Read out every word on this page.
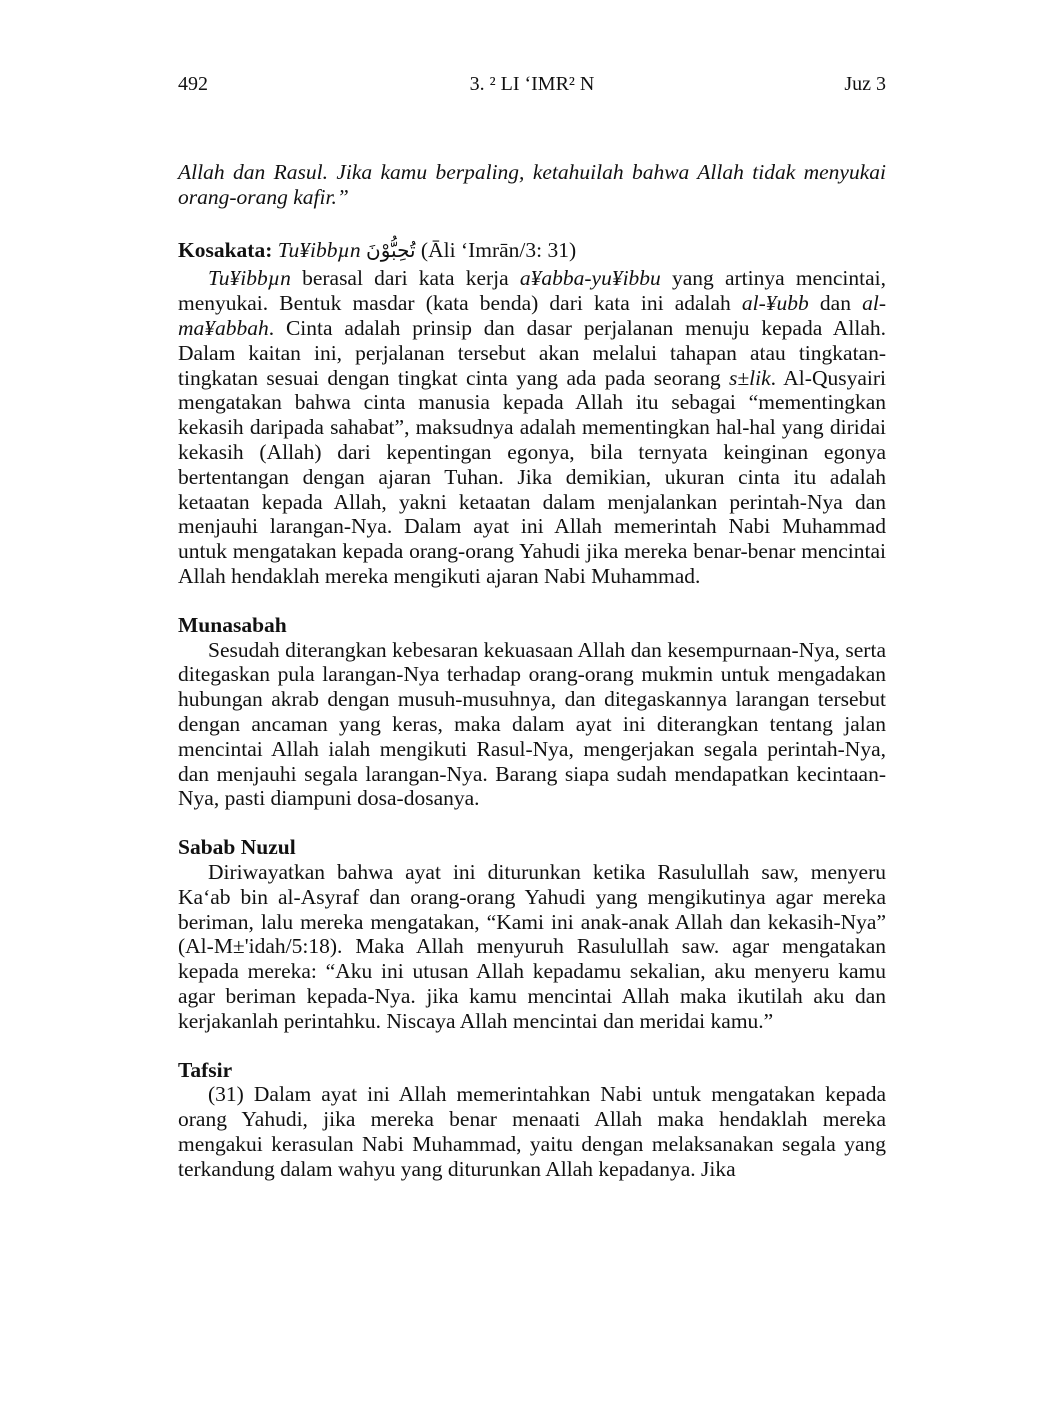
492	3. ² LI ‘IMR² N	Juz 3

Allah dan Rasul. Jika kamu berpaling, ketahuilah bahwa Allah tidak menyukai orang-orang kafir.”

Kosakata: Tu¥ibbµn تُحِبُّوْنَ (Āli ‘Imrān/3: 31)

Tu¥ibbµn berasal dari kata kerja a¥abba-yu¥ibbu yang artinya mencintai, menyukai. Bentuk masdar (kata benda) dari kata ini adalah al-¥ubb dan al-ma¥abbah. Cinta adalah prinsip dan dasar perjalanan menuju kepada Allah. Dalam kaitan ini, perjalanan tersebut akan melalui tahapan atau tingkatan-tingkatan sesuai dengan tingkat cinta yang ada pada seorang s±lik. Al-Qusyairi mengatakan bahwa cinta manusia kepada Allah itu sebagai “mementingkan kekasih daripada sahabat”, maksudnya adalah mementingkan hal-hal yang diridai kekasih (Allah) dari kepentingan egonya, bila ternyata keinginan egonya bertentangan dengan ajaran Tuhan. Jika demikian, ukuran cinta itu adalah ketaatan kepada Allah, yakni ketaatan dalam menjalankan perintah-Nya dan menjauhi larangan-Nya. Dalam ayat ini Allah memerintah Nabi Muhammad untuk mengatakan kepada orang-orang Yahudi jika mereka benar-benar mencintai Allah hendaklah mereka mengikuti ajaran Nabi Muhammad.

Munasabah

Sesudah diterangkan kebesaran kekuasaan Allah dan kesempurnaan-Nya, serta ditegaskan pula larangan-Nya terhadap orang-orang mukmin untuk mengadakan hubungan akrab dengan musuh-musuhnya, dan ditegaskannya larangan tersebut dengan ancaman yang keras, maka dalam ayat ini diterangkan tentang jalan mencintai Allah ialah mengikuti Rasul-Nya, mengerjakan segala perintah-Nya, dan menjauhi segala larangan-Nya. Barang siapa sudah mendapatkan kecintaan-Nya, pasti diampuni dosa-dosanya.

Sabab Nuzul

Diriwayatkan bahwa ayat ini diturunkan ketika Rasulullah saw, menyeru Ka‘ab bin al-Asyraf dan orang-orang Yahudi yang mengikutinya agar mereka beriman, lalu mereka mengatakan, “Kami ini anak-anak Allah dan kekasih-Nya” (Al-M±'idah/5:18). Maka Allah menyuruh Rasulullah saw. agar mengatakan kepada mereka: “Aku ini utusan Allah kepadamu sekalian, aku menyeru kamu agar beriman kepada-Nya. jika kamu mencintai Allah maka ikutilah aku dan kerjakanlah perintahku. Niscaya Allah mencintai dan meridai kamu.”

Tafsir

(31) Dalam ayat ini Allah memerintahkan Nabi untuk mengatakan kepada orang Yahudi, jika mereka benar menaati Allah maka hendaklah mereka mengakui kerasulan Nabi Muhammad, yaitu dengan melaksanakan segala yang terkandung dalam wahyu yang diturunkan Allah kepadanya. Jika
